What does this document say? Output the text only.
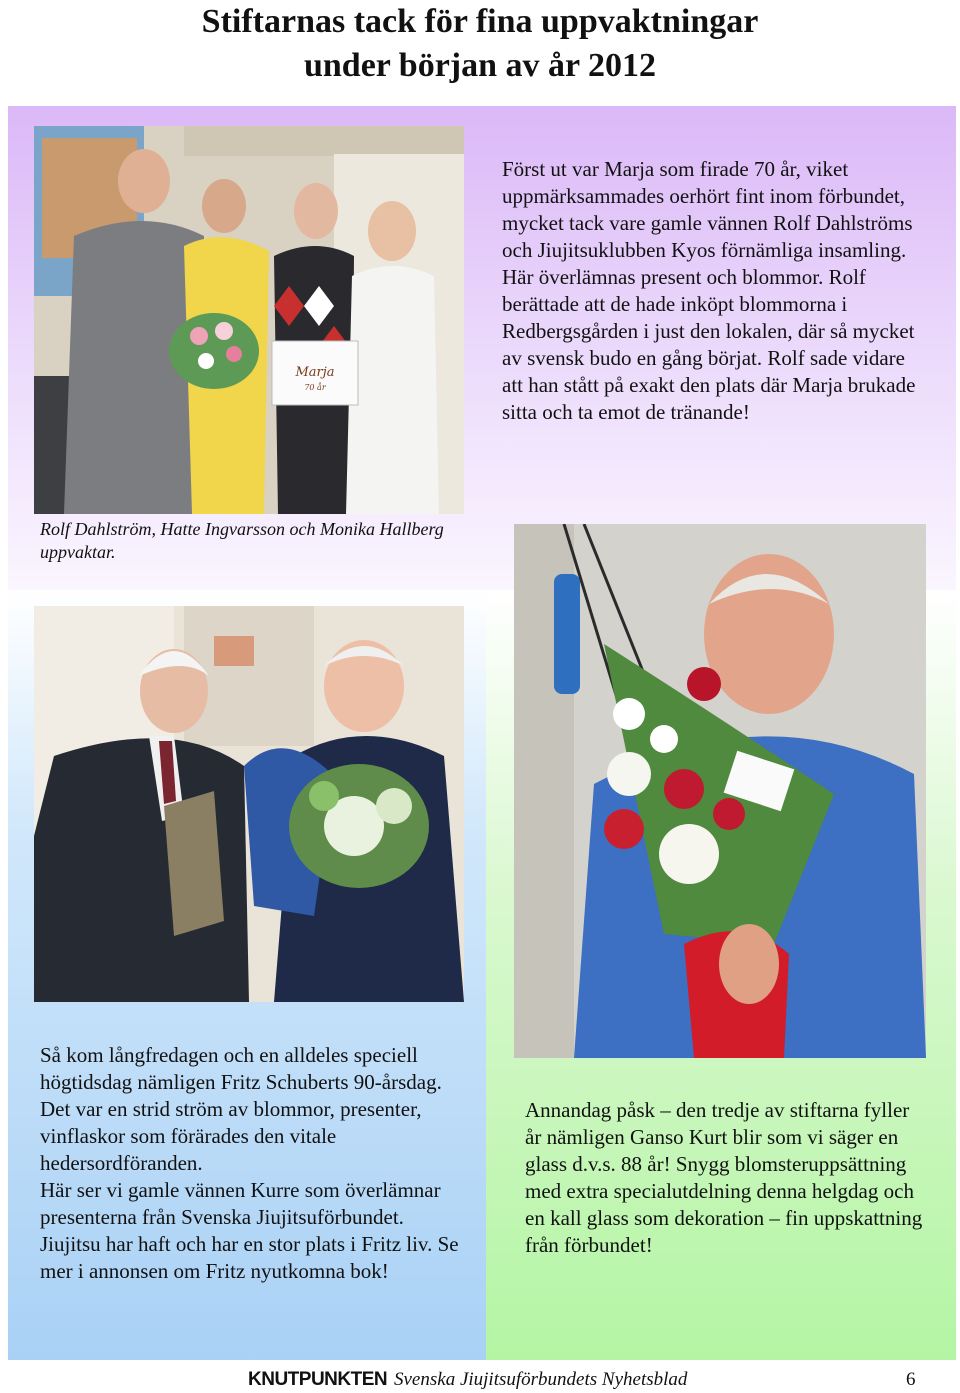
Stiftarnas tack för fina uppvaktningar
under början av år 2012
Marja
70 år

Först ut var Marja som firade 70 år, viket uppmärksammades oerhört fint inom förbundet, mycket tack vare gamle vännen Rolf Dahlströms och Jiujitsuklubben Kyos förnämliga insamling.

Här överlämnas present och blommor. Rolf berättade att de hade inköpt blommorna i Redbergsgården i just den lokalen, där så mycket av svensk budo en gång börjat. Rolf sade vidare att han stått på exakt den plats där Marja brukade sitta och ta emot de tränande!

Rolf Dahlström, Hatte Ingvarsson och Monika Hallberg uppvaktar.

Så kom långfredagen och en alldeles speciell högtidsdag nämligen Fritz Schuberts 90-årsdag. Det var en strid ström av blommor, presenter, vinflaskor som förärades den vitale hedersordföranden.

Här ser vi gamle vännen Kurre som överlämnar presenterna från Svenska Jiujitsuförbundet. Jiujitsu har haft och har en stor plats i Fritz liv. Se mer i annonsen om Fritz nyutkomna bok!

Annandag påsk – den tredje av stiftarna fyller år nämligen Ganso Kurt blir som vi säger en glass d.v.s. 88 år! Snygg blomsteruppsättning med extra specialutdelning denna helgdag och en kall glass som dekoration – fin uppskattning från förbundet!

KNUTPUNKTEN Svenska Jiujitsuförbundets Nyhetsblad	6
